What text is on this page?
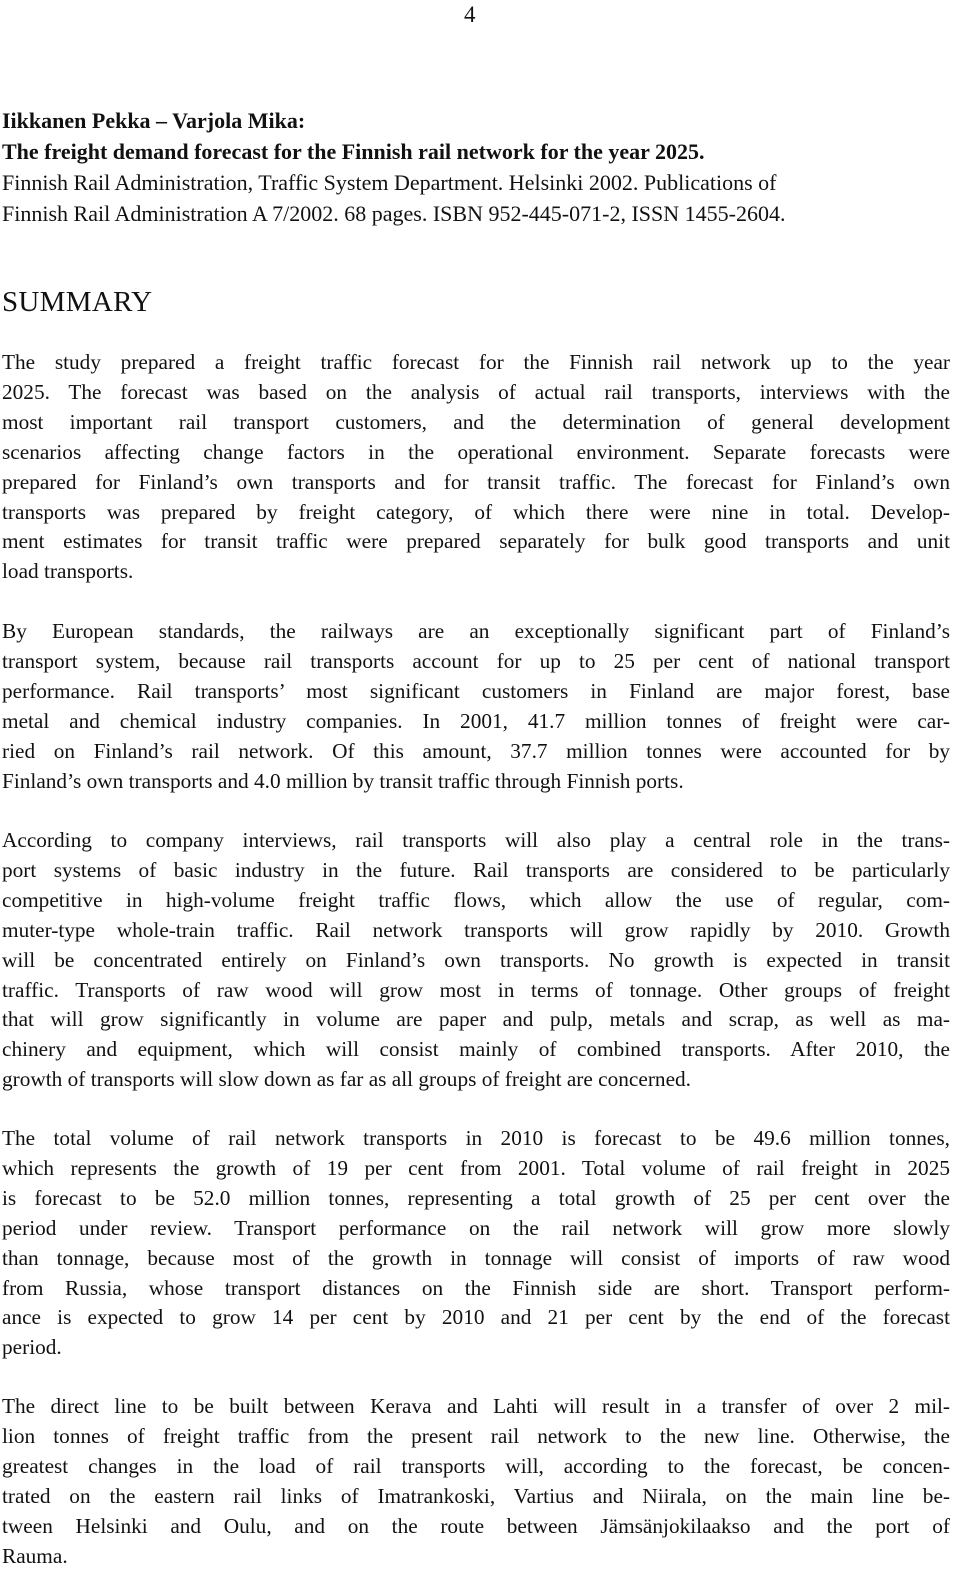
4
Iikkanen Pekka – Varjola Mika:
The freight demand forecast for the Finnish rail network for the year 2025.
Finnish Rail Administration, Traffic System Department. Helsinki 2002. Publications of
Finnish Rail Administration A 7/2002. 68 pages. ISBN 952-445-071-2, ISSN 1455-2604.
SUMMARY
The study prepared a freight traffic forecast for the Finnish rail network up to the year
2025. The forecast was based on the analysis of actual rail transports, interviews with the
most important rail transport customers, and the determination of general development
scenarios affecting change factors in the operational environment. Separate forecasts were
prepared for Finland’s own transports and for transit traffic. The forecast for Finland’s own
transports was prepared by freight category, of which there were nine in total. Develop-
ment estimates for transit traffic were prepared separately for bulk good transports and unit
load transports.
By European standards, the railways are an exceptionally significant part of Finland’s
transport system, because rail transports account for up to 25 per cent of national transport
performance. Rail transports’ most significant customers in Finland are major forest, base
metal and chemical industry companies. In 2001, 41.7 million tonnes of freight were car-
ried on Finland’s rail network. Of this amount, 37.7 million tonnes were accounted for by
Finland’s own transports and 4.0 million by transit traffic through Finnish ports.
According to company interviews, rail transports will also play a central role in the trans-
port systems of basic industry in the future. Rail transports are considered to be particularly
competitive in high-volume freight traffic flows, which allow the use of regular, com-
muter-type whole-train traffic. Rail network transports will grow rapidly by 2010. Growth
will be concentrated entirely on Finland’s own transports. No growth is expected in transit
traffic. Transports of raw wood will grow most in terms of tonnage. Other groups of freight
that will grow significantly in volume are paper and pulp, metals and scrap, as well as ma-
chinery and equipment, which will consist mainly of combined transports. After 2010, the
growth of transports will slow down as far as all groups of freight are concerned.
The total volume of rail network transports in 2010 is forecast to be 49.6 million tonnes,
which represents the growth of 19 per cent from 2001. Total volume of rail freight in 2025
is forecast to be 52.0 million tonnes, representing a total growth of 25 per cent over the
period under review. Transport performance on the rail network will grow more slowly
than tonnage, because most of the growth in tonnage will consist of imports of raw wood
from Russia, whose transport distances on the Finnish side are short. Transport perform-
ance is expected to grow 14 per cent by 2010 and 21 per cent by the end of the forecast
period.
The direct line to be built between Kerava and Lahti will result in a transfer of over 2 mil-
lion tonnes of freight traffic from the present rail network to the new line. Otherwise, the
greatest changes in the load of rail transports will, according to the forecast, be concen-
trated on the eastern rail links of Imatrankoski, Vartius and Niirala, on the main line be-
tween Helsinki and Oulu, and on the route between Jämsänjokilaakso and the port of
Rauma.
